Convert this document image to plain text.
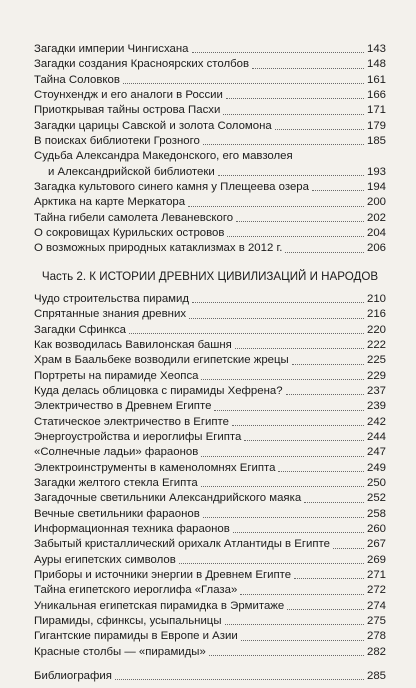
Загадки империи Чингисхана	143
Загадки создания Красноярских столбов	148
Тайна Соловков	161
Стоунхендж и его аналоги в России	166
Приоткрывая тайны острова Пасхи	171
Загадки царицы Савской и золота Соломона	179
В поисках библиотеки Грозного	185
Судьба Александра Македонского, его мавзолея
и Александрийской библиотеки	193
Загадка культового синего камня у Плещеева озера	194
Арктика на карте Меркатора	200
Тайна гибели самолета Леваневского	202
О сокровищах Курильских островов	204
О возможных природных катаклизмах в 2012 г.	206
Часть 2. К ИСТОРИИ ДРЕВНИХ ЦИВИЛИЗАЦИЙ И НАРОДОВ
Чудо строительства пирамид	210
Спрятанные знания древних	216
Загадки Сфинкса	220
Как возводилась Вавилонская башня	222
Храм в Баальбеке возводили египетские жрецы	225
Портреты на пирамиде Хеопса	229
Куда делась облицовка с пирамиды Хефрена?	237
Электричество в Древнем Египте	239
Статическое электричество в Египте	242
Энергоустройства и иероглифы Египта	244
«Солнечные ладьи» фараонов	247
Электроинструменты в каменоломнях Египта	249
Загадки желтого стекла Египта	250
Загадочные светильники Александрийского маяка	252
Вечные светильники фараонов	258
Информационная техника фараонов	260
Забытый кристаллический орихалк Атлантиды в Египте	267
Ауры египетских символов	269
Приборы и источники энергии в Древнем Египте	271
Тайна египетского иероглифа «Глаза»	272
Уникальная египетская пирамидка в Эрмитаже	274
Пирамиды, сфинксы, усыпальницы	275
Гигантские пирамиды в Европе и Азии	278
Красные столбы — «пирамиды»	282
Библиография	285
